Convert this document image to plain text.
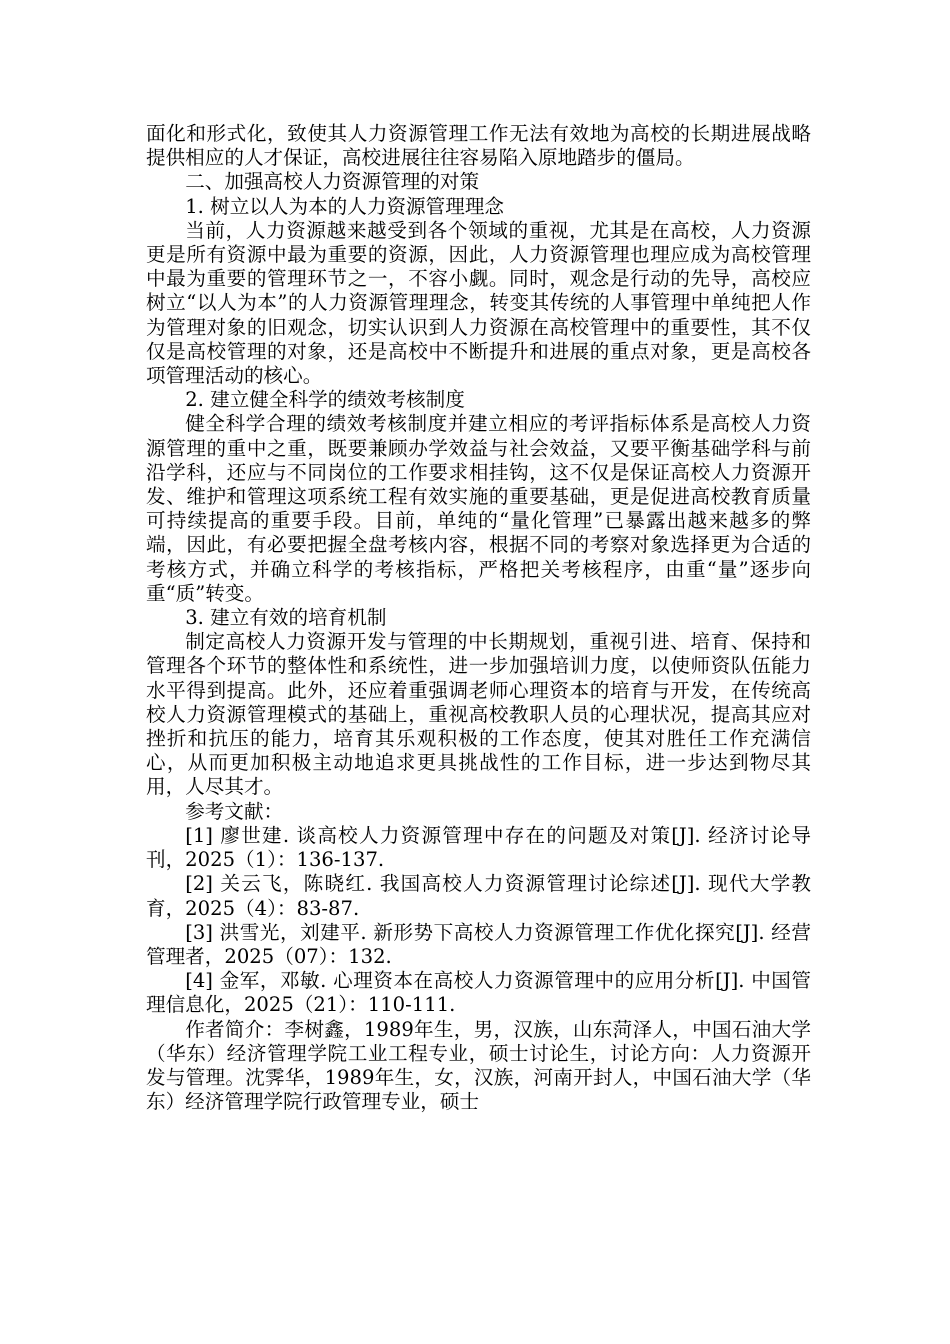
面化和形式化，致使其人力资源管理工作无法有效地为高校的长期进展战略提供相应的人才保证，高校进展往往容易陷入原地踏步的僵局。

二、加强高校人力资源管理的对策

1. 树立以人为本的人力资源管理理念

当前，人力资源越来越受到各个领域的重视，尤其是在高校，人力资源更是所有资源中最为重要的资源，因此，人力资源管理也理应成为高校管理中最为重要的管理环节之一，不容小觑。同时，观念是行动的先导，高校应树立“以人为本”的人力资源管理理念，转变其传统的人事管理中单纯把人作为管理对象的旧观念，切实认识到人力资源在高校管理中的重要性，其不仅仅是高校管理的对象，还是高校中不断提升和进展的重点对象，更是高校各项管理活动的核心。

2. 建立健全科学的绩效考核制度

健全科学合理的绩效考核制度并建立相应的考评指标体系是高校人力资源管理的重中之重，既要兼顾办学效益与社会效益，又要平衡基础学科与前沿学科，还应与不同岗位的工作要求相挂钩，这不仅是保证高校人力资源开发、维护和管理这项系统工程有效实施的重要基础，更是促进高校教育质量可持续提高的重要手段。目前，单纯的“量化管理”已暴露出越来越多的弊端，因此，有必要把握全盘考核内容，根据不同的考察对象选择更为合适的考核方式，并确立科学的考核指标，严格把关考核程序，由重“量”逐步向重“质”转变。

3. 建立有效的培育机制

制定高校人力资源开发与管理的中长期规划，重视引进、培育、保持和管理各个环节的整体性和系统性，进一步加强培训力度，以使师资队伍能力水平得到提高。此外，还应着重强调老师心理资本的培育与开发，在传统高校人力资源管理模式的基础上，重视高校教职人员的心理状况，提高其应对挫折和抗压的能力，培育其乐观积极的工作态度，使其对胜任工作充满信心，从而更加积极主动地追求更具挑战性的工作目标，进一步达到物尽其用，人尽其才。

参考文献：

[1] 廖世建. 谈高校人力资源管理中存在的问题及对策[J]. 经济讨论导刊，2025（1）：136-137.

[2] 关云飞，陈晓红. 我国高校人力资源管理讨论综述[J]. 现代大学教育，2025（4）：83-87.

[3] 洪雪光，刘建平. 新形势下高校人力资源管理工作优化探究[J]. 经营管理者，2025（07）：132.

[4] 金军，邓敏. 心理资本在高校人力资源管理中的应用分析[J]. 中国管理信息化，2025（21）：110-111.

作者简介：李树鑫，1989年生，男，汉族，山东菏泽人，中国石油大学（华东）经济管理学院工业工程专业，硕士讨论生，讨论方向：人力资源开发与管理。沈霁华，1989年生，女，汉族，河南开封人，中国石油大学（华东）经济管理学院行政管理专业，硕士
